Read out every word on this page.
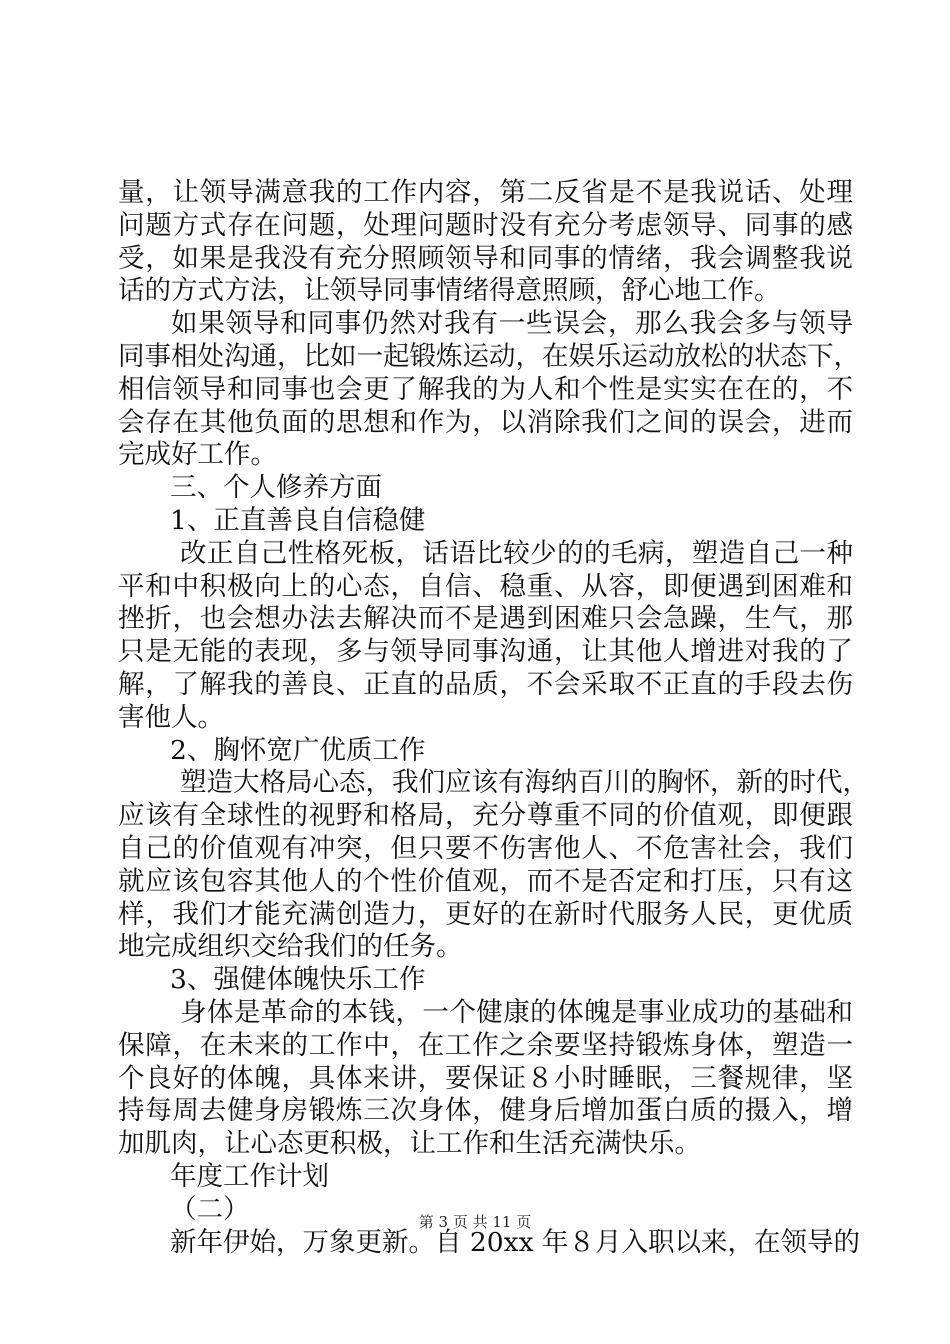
量，让领导满意我的工作内容，第二反省是不是我说话、处理
问题方式存在问题，处理问题时没有充分考虑领导、同事的感
受，如果是我没有充分照顾领导和同事的情绪，我会调整我说
话的方式方法，让领导同事情绪得意照顾，舒心地工作。
如果领导和同事仍然对我有一些误会，那么我会多与领导
同事相处沟通，比如一起锻炼运动，在娱乐运动放松的状态下，
相信领导和同事也会更了解我的为人和个性是实实在在的，不
会存在其他负面的思想和作为，以消除我们之间的误会，进而
完成好工作。
三、个人修养方面
1、正直善良自信稳健
改正自己性格死板，话语比较少的的毛病，塑造自己一种
平和中积极向上的心态，自信、稳重、从容，即便遇到困难和
挫折，也会想办法去解决而不是遇到困难只会急躁，生气，那
只是无能的表现，多与领导同事沟通，让其他人增进对我的了
解，了解我的善良、正直的品质，不会采取不正直的手段去伤
害他人。
2、胸怀宽广优质工作
塑造大格局心态，我们应该有海纳百川的胸怀，新的时代，
应该有全球性的视野和格局，充分尊重不同的价值观，即便跟
自己的价值观有冲突，但只要不伤害他人、不危害社会，我们
就应该包容其他人的个性价值观，而不是否定和打压，只有这
样，我们才能充满创造力，更好的在新时代服务人民，更优质
地完成组织交给我们的任务。
3、强健体魄快乐工作
身体是革命的本钱，一个健康的体魄是事业成功的基础和
保障，在未来的工作中，在工作之余要坚持锻炼身体，塑造一
个良好的体魄，具体来讲，要保证８小时睡眠，三餐规律，坚
持每周去健身房锻炼三次身体，健身后增加蛋白质的摄入，增
加肌肉，让心态更积极，让工作和生活充满快乐。
年度工作计划
（二）
新年伊始，万象更新。自 20xx 年８月入职以来，在领导的
第 3 页 共 11 页
